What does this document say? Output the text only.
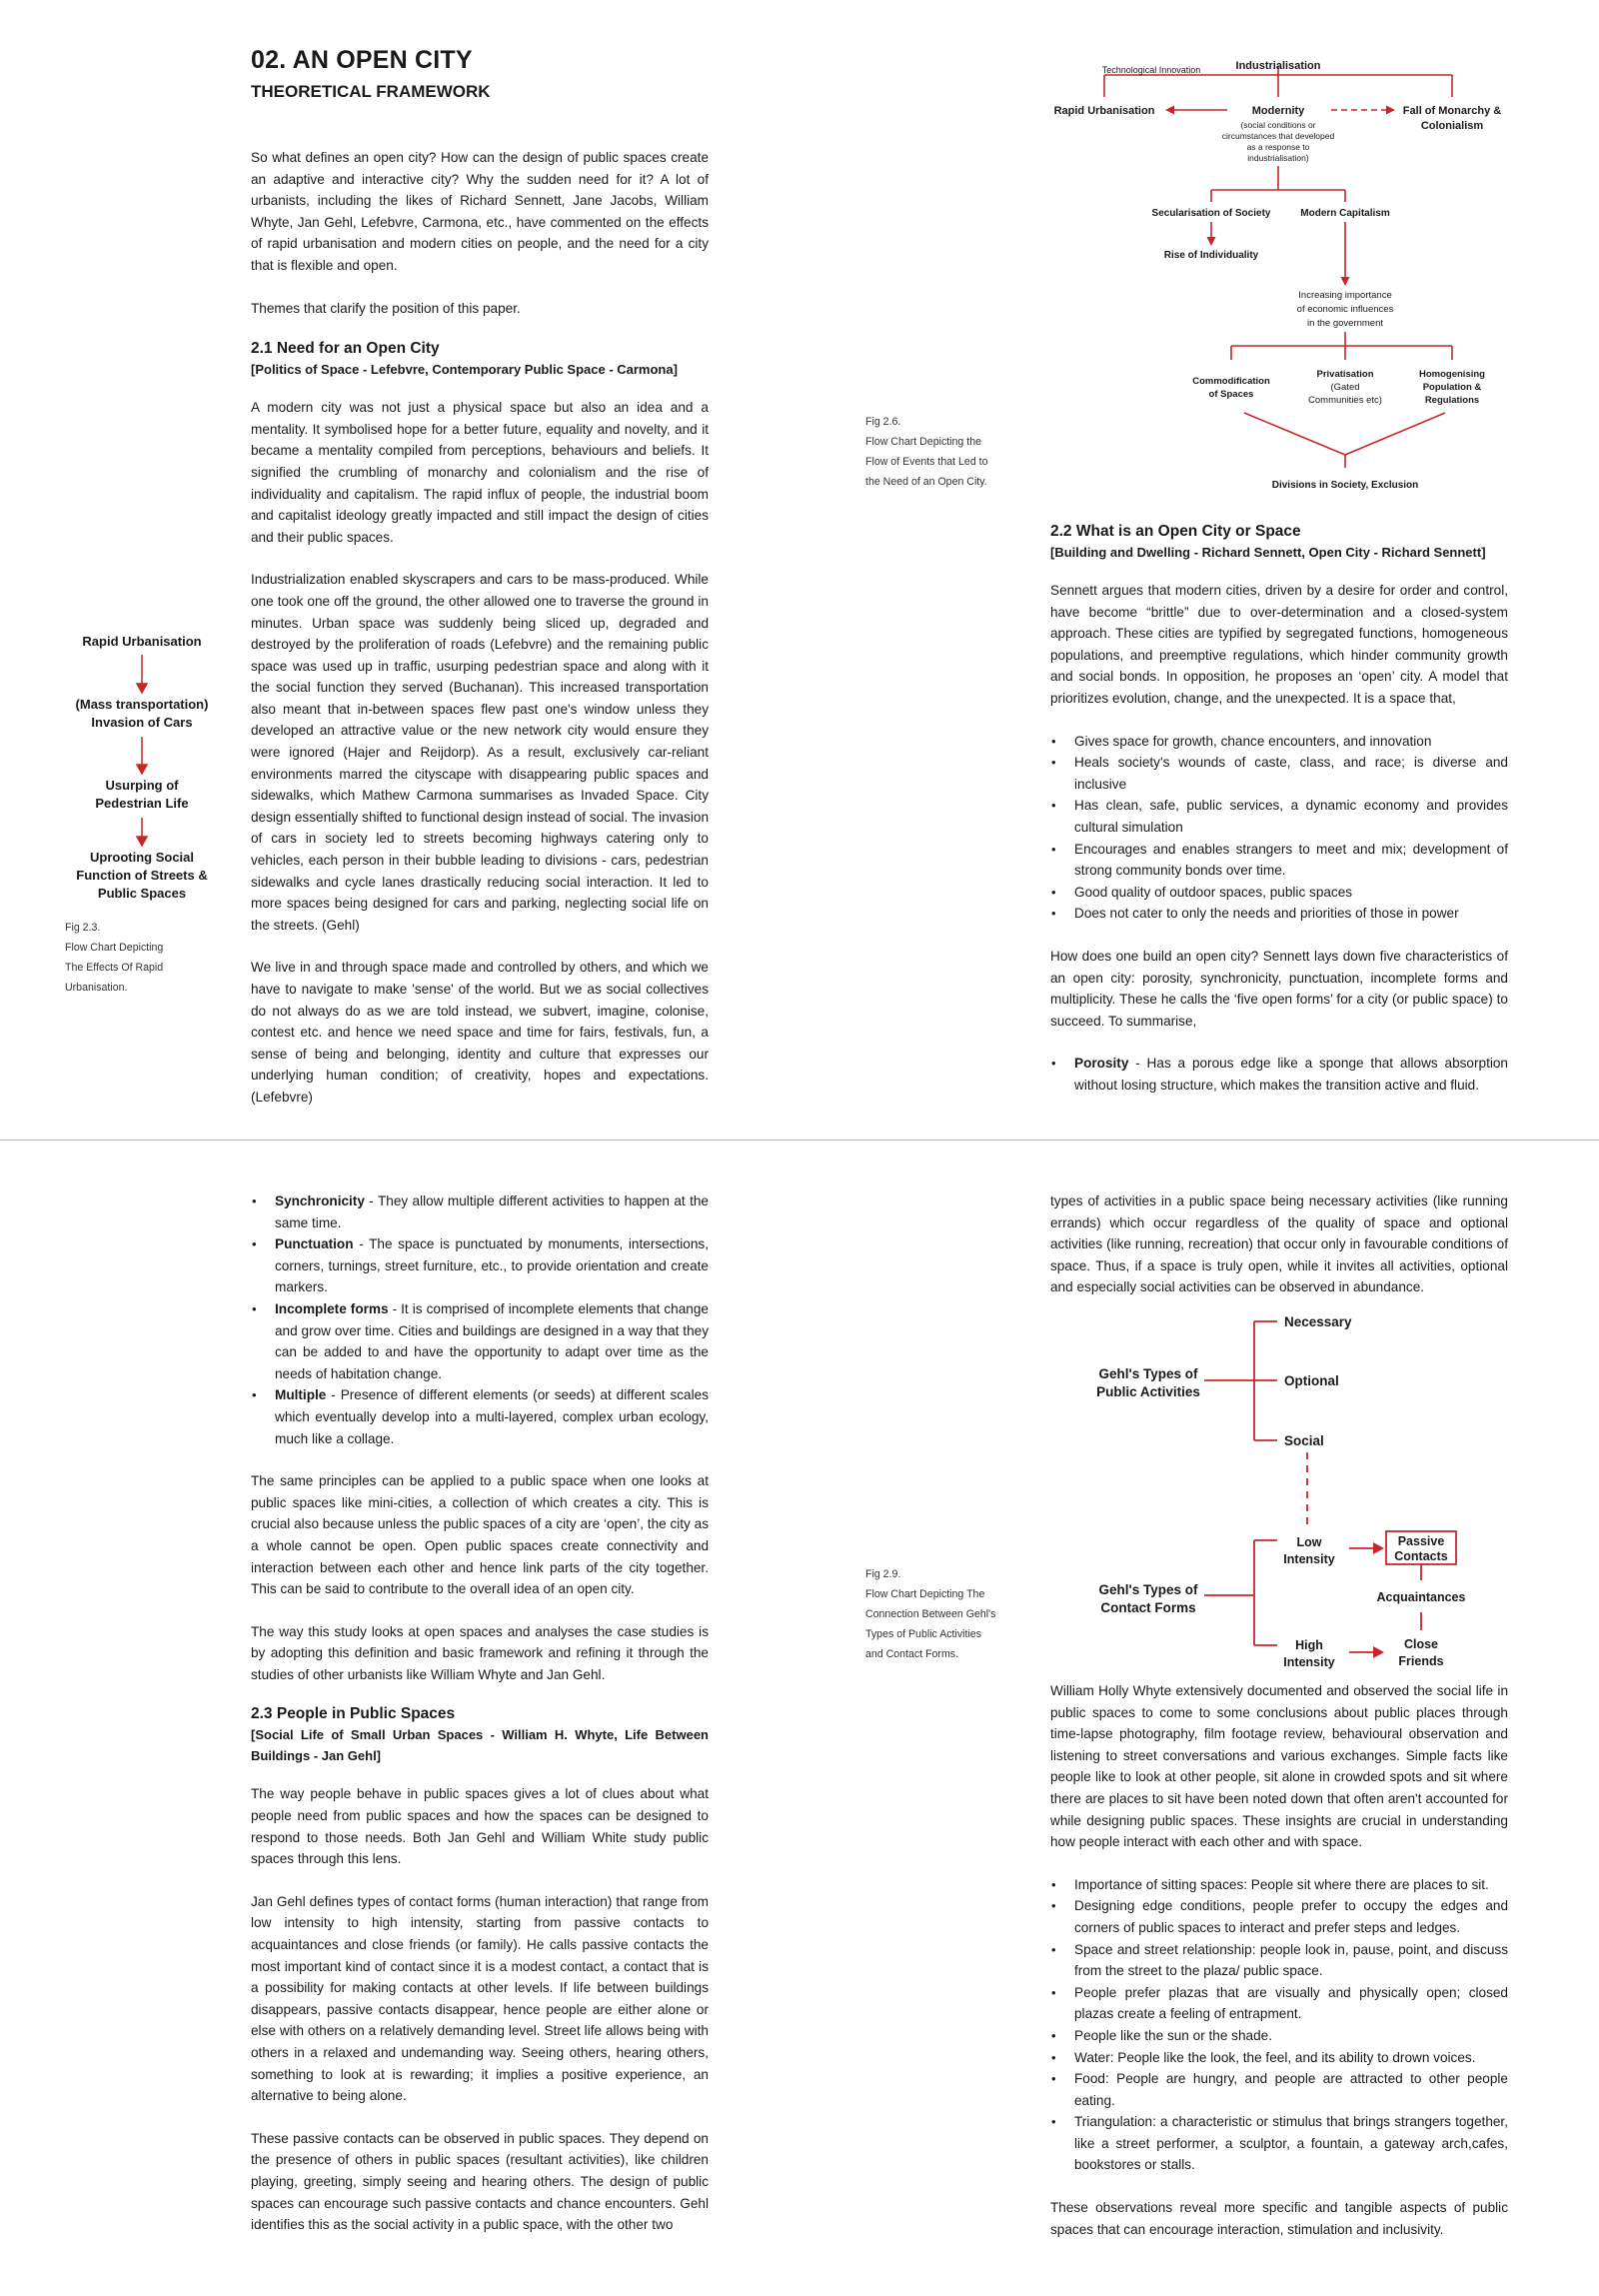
02. AN OPEN CITY
THEORETICAL FRAMEWORK

So what defines an open city? How can the design of public spaces create an adaptive and interactive city? Why the sudden need for it? A lot of urbanists, including the likes of Richard Sennett, Jane Jacobs, William Whyte, Jan Gehl, Lefebvre, Carmona, etc., have commented on the effects of rapid urbanisation and modern cities on people, and the need for a city that is flexible and open.

Themes that clarify the position of this paper.

2.1 Need for an Open City
[Politics of Space - Lefebvre, Contemporary Public Space - Carmona]

A modern city was not just a physical space but also an idea and a mentality. It symbolised hope for a better future, equality and novelty, and it became a mentality compiled from perceptions, behaviours and beliefs. It signified the crumbling of monarchy and colonialism and the rise of individuality and capitalism. The rapid influx of people, the industrial boom and capitalist ideology greatly impacted and still impact the design of cities and their public spaces.

Industrialization enabled skyscrapers and cars to be mass-produced. While one took one off the ground, the other allowed one to traverse the ground in minutes. Urban space was suddenly being sliced up, degraded and destroyed by the proliferation of roads (Lefebvre) and the remaining public space was used up in traffic, usurping pedestrian space and along with it the social function they served (Buchanan). This increased transportation also meant that in-between spaces flew past one's window unless they developed an attractive value or the new network city would ensure they were ignored (Hajer and Reijdorp). As a result, exclusively car-reliant environments marred the cityscape with disappearing public spaces and sidewalks, which Mathew Carmona summarises as Invaded Space. City design essentially shifted to functional design instead of social. The invasion of cars in society led to streets becoming highways catering only to vehicles, each person in their bubble leading to divisions - cars, pedestrian sidewalks and cycle lanes drastically reducing social interaction. It led to more spaces being designed for cars and parking, neglecting social life on the streets. (Gehl)

We live in and through space made and controlled by others, and which we have to navigate to make 'sense' of the world. But we as social collectives do not always do as we are told instead, we subvert, imagine, colonise, contest etc. and hence we need space and time for fairs, festivals, fun, a sense of being and belonging, identity and culture that expresses our underlying human condition; of creativity, hopes and expectations. (Lefebvre)

Rapid Urbanisation
(Mass transportation)
Invasion of Cars
Usurping of
Pedestrian Life
Uprooting Social
Function of Streets &
Public Spaces
Fig 2.3.
Flow Chart Depicting
The Effects Of Rapid
Urbanisation.
Technological Innovation	Industrialisation
Rapid Urbanisation	Modernity
(social conditions or
circumstances that developed
as a response to
industrialisation)
Fall of Monarchy &
Colonialism
Secularisation of Society	Modern Capitalism
Rise of Individuality
Increasing importance
of economic influences
in the government
Commodification
of Spaces
Privatisation
(Gated
Communities etc)
Homogenising
Population &
Regulations
Divisions in Society, Exclusion
Fig 2.6.
Flow Chart Depicting the
Flow of Events that Led to
the Need of an Open City.
2.2 What is an Open City or Space
[Building and Dwelling - Richard Sennett, Open City - Richard Sennett]

Sennett argues that modern cities, driven by a desire for order and control, have become “brittle” due to over-determination and a closed-system approach. These cities are typified by segregated functions, homogeneous populations, and preemptive regulations, which hinder community growth and social bonds. In opposition, he proposes an ‘open’ city. A model that prioritizes evolution, change, and the unexpected. It is a space that,

• Gives space for growth, chance encounters, and innovation
• Heals society's wounds of caste, class, and race; is diverse and inclusive
• Has clean, safe, public services, a dynamic economy and provides cultural simulation
• Encourages and enables strangers to meet and mix; development of strong community bonds over time.
• Good quality of outdoor spaces, public spaces
• Does not cater to only the needs and priorities of those in power

How does one build an open city? Sennett lays down five characteristics of an open city: porosity, synchronicity, punctuation, incomplete forms and multiplicity. These he calls the ‘five open forms’ for a city (or public space) to succeed. To summarise,

• Porosity - Has a porous edge like a sponge that allows absorption without losing structure, which makes the transition active and fluid.
• Synchronicity - They allow multiple different activities to happen at the same time.
• Punctuation - The space is punctuated by monuments, intersections, corners, turnings, street furniture, etc., to provide orientation and create markers.
• Incomplete forms - It is comprised of incomplete elements that change and grow over time. Cities and buildings are designed in a way that they can be added to and have the opportunity to adapt over time as the needs of habitation change.
• Multiple - Presence of different elements (or seeds) at different scales which eventually develop into a multi-layered, complex urban ecology, much like a collage.

The same principles can be applied to a public space when one looks at public spaces like mini-cities, a collection of which creates a city. This is crucial also because unless the public spaces of a city are ‘open’, the city as a whole cannot be open. Open public spaces create connectivity and interaction between each other and hence link parts of the city together. This can be said to contribute to the overall idea of an open city.

The way this study looks at open spaces and analyses the case studies is by adopting this definition and basic framework and refining it through the studies of other urbanists like William Whyte and Jan Gehl.

2.3 People in Public Spaces
[Social Life of Small Urban Spaces - William H. Whyte, Life Between Buildings - Jan Gehl]

The way people behave in public spaces gives a lot of clues about what people need from public spaces and how the spaces can be designed to respond to those needs. Both Jan Gehl and William White study public spaces through this lens.

Jan Gehl defines types of contact forms (human interaction) that range from low intensity to high intensity, starting from passive contacts to acquaintances and close friends (or family). He calls passive contacts the most important kind of contact since it is a modest contact, a contact that is a possibility for making contacts at other levels. If life between buildings disappears, passive contacts disappear, hence people are either alone or else with others on a relatively demanding level. Street life allows being with others in a relaxed and undemanding way. Seeing others, hearing others, something to look at is rewarding; it implies a positive experience, an alternative to being alone.

These passive contacts can be observed in public spaces. They depend on the presence of others in public spaces (resultant activities), like children playing, greeting, simply seeing and hearing others. The design of public spaces can encourage such passive contacts and chance encounters. Gehl identifies this as the social activity in a public space, with the other two

types of activities in a public space being necessary activities (like running errands) which occur regardless of the quality of space and optional activities (like running, recreation) that occur only in favourable conditions of space. Thus, if a space is truly open, while it invites all activities, optional and especially social activities can be observed in abundance.

Gehl's Types of
Public Activities
Necessary
Optional
Social
Gehl's Types of
Contact Forms
Low
Intensity
High
Intensity
Passive
Contacts
Acquaintances
Close
Friends
Fig 2.9.
Flow Chart Depicting The
Connection Between Gehl's
Types of Public Activities
and Contact Forms.

William Holly Whyte extensively documented and observed the social life in public spaces to come to some conclusions about public places through time-lapse photography, film footage review, behavioural observation and listening to street conversations and various exchanges. Simple facts like people like to look at other people, sit alone in crowded spots and sit where there are places to sit have been noted down that often aren't accounted for while designing public spaces. These insights are crucial in understanding how people interact with each other and with space.

• Importance of sitting spaces: People sit where there are places to sit.
• Designing edge conditions, people prefer to occupy the edges and corners of public spaces to interact and prefer steps and ledges.
• Space and street relationship: people look in, pause, point, and discuss from the street to the plaza/ public space.
• People prefer plazas that are visually and physically open; closed plazas create a feeling of entrapment.
• People like the sun or the shade.
• Water: People like the look, the feel, and its ability to drown voices.
• Food: People are hungry, and people are attracted to other people eating.
• Triangulation: a characteristic or stimulus that brings strangers together, like a street performer, a sculptor, a fountain, a gateway arch,cafes, bookstores or stalls.

These observations reveal more specific and tangible aspects of public spaces that can encourage interaction, stimulation and inclusivity.
